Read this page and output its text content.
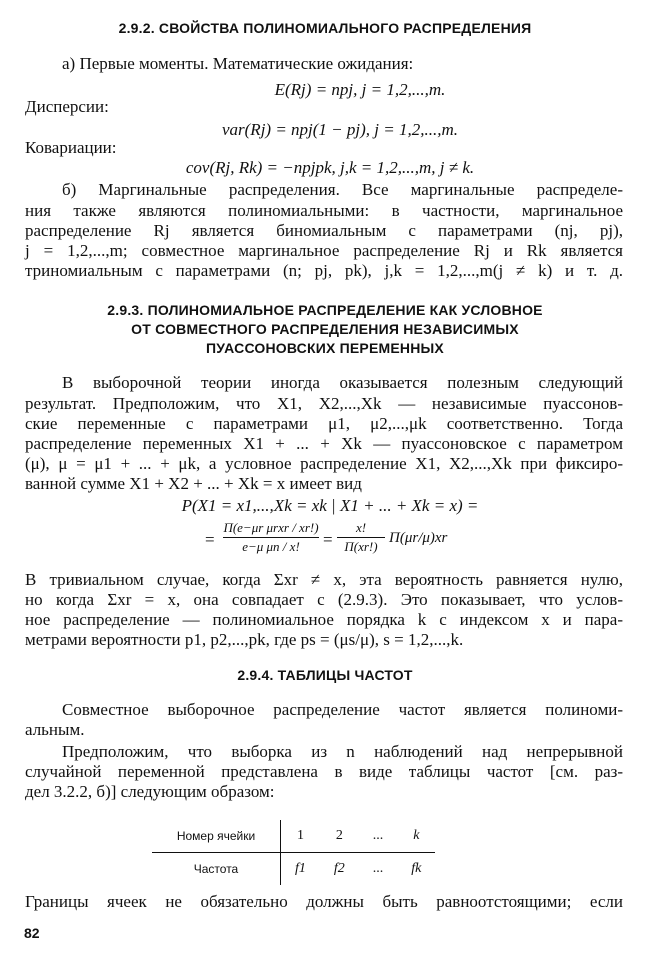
2.9.2. СВОЙСТВА ПОЛИНОМИАЛЬНОГО РАСПРЕДЕЛЕНИЯ
а) Первые моменты. Математические ожидания:
E(Rj) = npj, j = 1,2,...,m.
Дисперсии:
var(Rj) = npj(1 − pj), j = 1,2,...,m.
Ковариации:
cov(Rj, Rk) = −npjpk, j,k = 1,2,...,m, j ≠ k.
б) Маргинальные распределения. Все маргинальные распределе-
ния также являются полиномиальными: в частности, маргинальное
распределение Rj является биномиальным с параметрами (nj, pj),
j = 1,2,...,m; совместное маргинальное распределение Rj и Rk является
триномиальным с параметрами (n; pj, pk), j,k = 1,2,...,m(j ≠ k) и т. д.
2.9.3. ПОЛИНОМИАЛЬНОЕ РАСПРЕДЕЛЕНИЕ КАК УСЛОВНОЕ
ОТ СОВМЕСТНОГО РАСПРЕДЕЛЕНИЯ НЕЗАВИСИМЫХ
ПУАССОНОВСКИХ ПЕРЕМЕННЫХ
В выборочной теории иногда оказывается полезным следующий
результат. Предположим, что X1, X2,...,Xk — независимые пуассонов-
ские переменные с параметрами μ1, μ2,...,μk соответственно. Тогда
распределение переменных X1 + ... + Xk — пуассоновское с параметром
(μ), μ = μ1 + ... + μk, а условное распределение X1, X2,...,Xk при фиксиро-
ванной сумме X1 + X2 + ... + Xk = x имеет вид
P(X1 = x1,...,Xk = xk | X1 + ... + Xk = x) =
=
Π(e−μr μrxr / xr!)
e−μ μn / x!	= $\frac{x!}{\Pi(xr!)} \Pi(\mu r/\mu)xr$
В тривиальном случае, когда Σxr ≠ x, эта вероятность равняется нулю,
но когда Σxr = x, она совпадает с (2.9.3). Это показывает, что услов-
ное распределение — полиномиальное порядка k с индексом x и пара-
метрами вероятности p1, p2,...,pk, где ps = (μs/μ), s = 1,2,...,k.
2.9.4. ТАБЛИЦЫ ЧАСТОТ
Совместное выборочное распределение частот является полиноми-
альным.
Предположим, что выборка из n наблюдений над непрерывной
случайной переменной представлена в виде таблицы частот [см. раз-
дел 3.2.2, б)] следующим образом:
Номер ячейки	1	2	...	k
Частота	f1	f2	...	fk
Границы ячеек не обязательно должны быть равноотстоящими; если
82
